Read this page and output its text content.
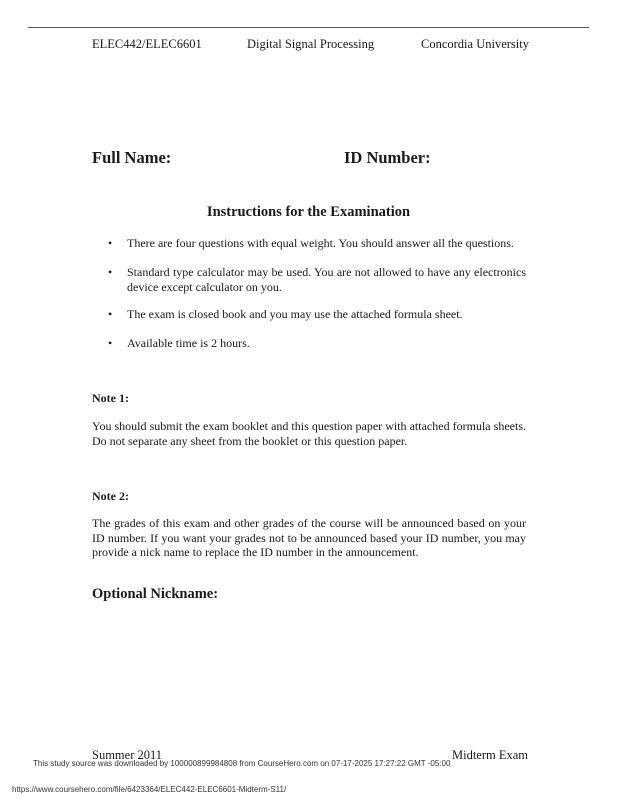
ELEC442/ELEC6601	Digital Signal Processing	Concordia University
Full Name:	ID Number:
Instructions for the Examination
• There are four questions with equal weight. You should answer all the questions.
• Standard type calculator may be used. You are not allowed to have any electronics device except calculator on you.
• The exam is closed book and you may use the attached formula sheet.
• Available time is 2 hours.
Note 1:
You should submit the exam booklet and this question paper with attached formula sheets. Do not separate any sheet from the booklet or this question paper.
Note 2:
The grades of this exam and other grades of the course will be announced based on your ID number. If you want your grades not to be announced based your ID number, you may provide a nick name to replace the ID number in the announcement.
Optional Nickname:
Summer 2011	Midterm Exam
This study source was downloaded by 100000899984808 from CourseHero.com on 07-17-2025 17:27:22 GMT -05:00
https://www.coursehero.com/file/6423364/ELEC442-ELEC6601-Midterm-S11/
